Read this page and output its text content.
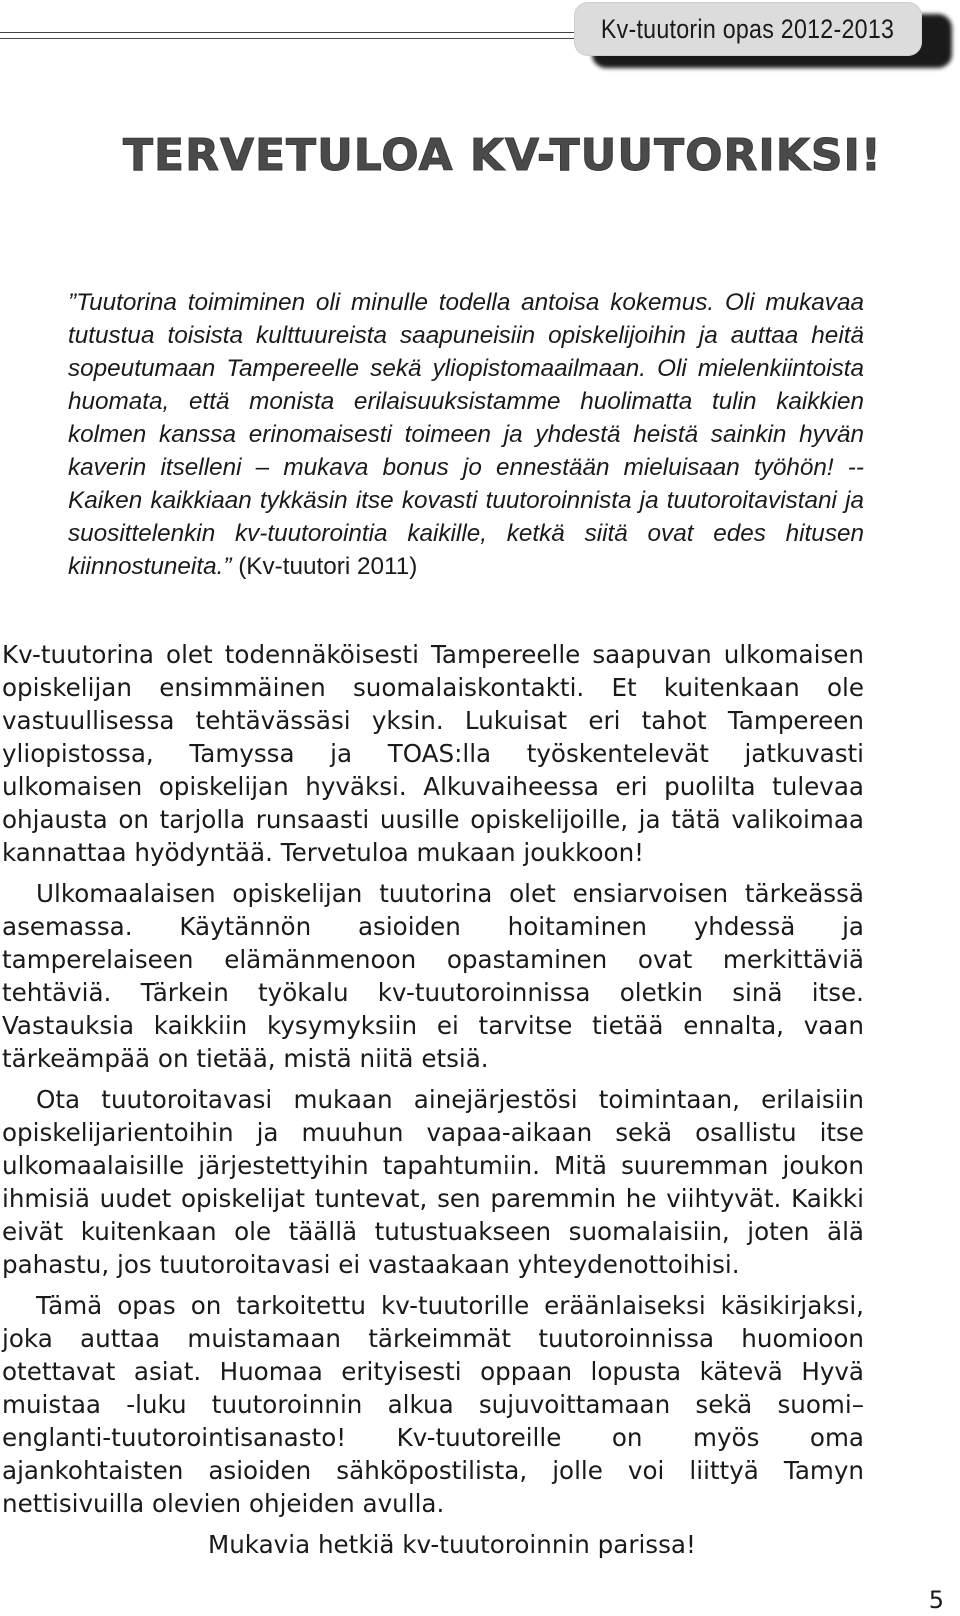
Kv-tuutorin opas 2012-2013
TERVETULOA KV-TUUTORIKSI!
”Tuutorina toimiminen oli minulle todella antoisa kokemus. Oli mukavaa tutustua toisista kulttuureista saapuneisiin opiskelijoihin ja auttaa heitä sopeutumaan Tampereelle sekä yliopistomaailmaan. Oli mielenkiintoista huomata, että monista erilaisuuksistamme huolimatta tulin kaikkien kolmen kanssa erinomaisesti toimeen ja yhdestä heistä sainkin hyvän kaverin itselleni – mukava bonus jo ennestään mieluisaan työhön! -- Kaiken kaikkiaan tykkäsin itse kovasti tuutoroinnista ja tuutoroitavistani ja suosittelenkin kv-tuutorointia kaikille, ketkä siitä ovat edes hitusen kiinnostuneita.” (Kv-tuutori 2011)

Kv-tuutorina olet todennäköisesti Tampereelle saapuvan ulkomaisen opiskelijan ensimmäinen suomalaiskontakti. Et kuitenkaan ole vastuullisessa tehtävässäsi yksin. Lukuisat eri tahot Tampereen yliopistossa, Tamyssa ja TOAS:lla työskentelevät jatkuvasti ulkomaisen opiskelijan hyväksi. Alkuvaiheessa eri puolilta tulevaa ohjausta on tarjolla runsaasti uusille opiskelijoille, ja tätä valikoimaa kannattaa hyödyntää. Tervetuloa mukaan joukkoon!

Ulkomaalaisen opiskelijan tuutorina olet ensiarvoisen tärkeässä asemassa. Käytännön asioiden hoitaminen yhdessä ja tamperelaiseen elämänmenoon opastaminen ovat merkittäviä tehtäviä. Tärkein työkalu kv-tuutoroinnissa oletkin sinä itse. Vastauksia kaikkiin kysymyksiin ei tarvitse tietää ennalta, vaan tärkeämpää on tietää, mistä niitä etsiä.

Ota tuutoroitavasi mukaan ainejärjestösi toimintaan, erilaisiin opiskelijarientoihin ja muuhun vapaa-aikaan sekä osallistu itse ulkomaalaisille järjestettyihin tapahtumiin. Mitä suuremman joukon ihmisiä uudet opiskelijat tuntevat, sen paremmin he viihtyvät. Kaikki eivät kuitenkaan ole täällä tutustuakseen suomalaisiin, joten älä pahastu, jos tuutoroitavasi ei vastaakaan yhteydenottoihisi.

Tämä opas on tarkoitettu kv-tuutorille eräänlaiseksi käsikirjaksi, joka auttaa muistamaan tärkeimmät tuutoroinnissa huomioon otettavat asiat. Huomaa erityisesti oppaan lopusta kätevä Hyvä muistaa -luku tuutoroinnin alkua sujuvoittamaan sekä suomi–englanti-tuutorointisanasto! Kv-tuutoreille on myös oma ajankohtaisten asioiden sähköpostilista, jolle voi liittyä Tamyn nettisivuilla olevien ohjeiden avulla.

Mukavia hetkiä kv-tuutoroinnin parissa!

5
